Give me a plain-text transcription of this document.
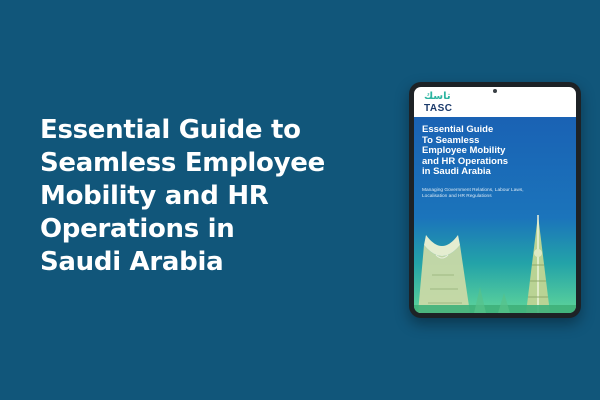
Essential Guide to
Seamless Employee
Mobility and HR
Operations in
Saudi Arabia
تاسك
TASC
Essential Guide
To Seamless
Employee Mobility
and HR Operations
in Saudi Arabia
Managing Government Relations, Labour Laws,
Localisation and HR Regulations
